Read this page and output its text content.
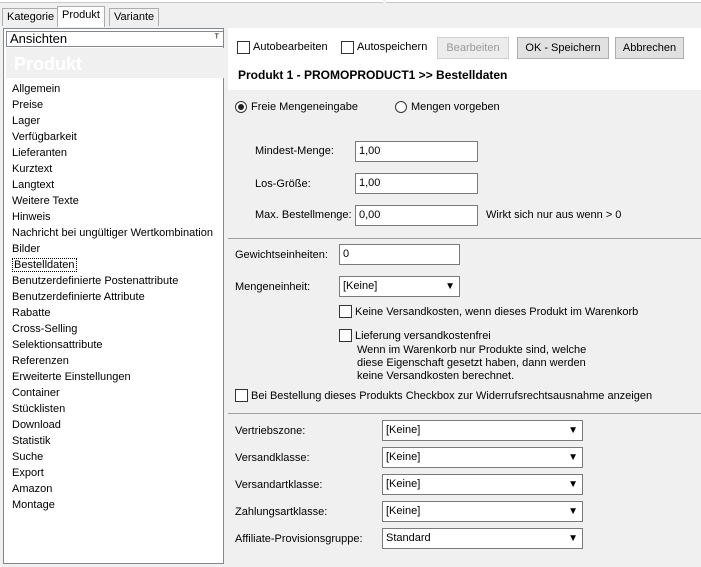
Kategorie Produkt	Variante
Ansichten	ᵀ
Produkt
Allgemein
Preise
Lager
Verfügbarkeit
Lieferanten
Kurztext
Langtext
Weitere Texte
Hinweis
Nachricht bei ungültiger Wertkombination
Bilder
Bestelldaten
Benutzerdefinierte Postenattribute
Benutzerdefinierte Attribute
Rabatte
Cross-Selling
Selektionsattribute
Referenzen
Erweiterte Einstellungen
Container
Stücklisten
Download
Statistik
Suche
Export
Amazon
Montage
Autobearbeiten	Autospeichern	Bearbeiten	OK - Speichern	Abbrechen
Produkt 1 - PROMOPRODUCT1 >> Bestelldaten
Freie Mengeneingabe	Mengen vorgeben
Mindest-Menge:	1,00
Los-Größe:	1,00
Max. Bestellmenge: 0,00	Wirkt sich nur aus wenn > 0
Gewichtseinheiten:	0
Mengeneinheit:	[Keine]	▼
Keine Versandkosten, wenn dieses Produkt im Warenkorb
Lieferung versandkostenfrei
Wenn im Warenkorb nur Produkte sind, welche
diese Eigenschaft gesetzt haben, dann werden
keine Versandkosten berechnet.
Bei Bestellung dieses Produkts Checkbox zur Widerrufsrechtsausnahme anzeigen
Vertriebszone:	[Keine]	▼
Versandklasse:	[Keine]	▼
Versandartklasse:	[Keine]	▼
Zahlungsartklasse:	[Keine]	▼
Affiliate-Provisionsgruppe:	Standard	▼
